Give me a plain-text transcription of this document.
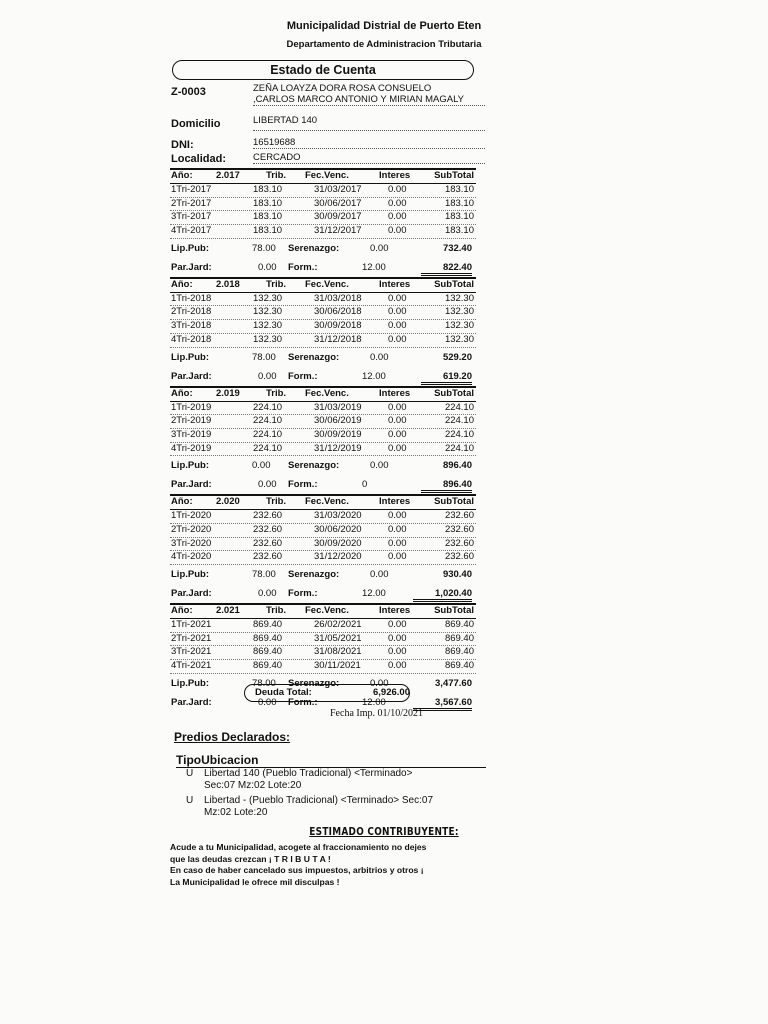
Municipalidad Distrial de Puerto Eten
Departamento de Administracion Tributaria
Estado de Cuenta
Z-0003	ZEÑA LOAYZA DORA ROSA CONSUELO
,CARLOS MARCO ANTONIO Y MIRIAN MAGALY
Domicilio	LIBERTAD 140
DNI:	16519688
Localidad:	CERCADO
Año: 2.017	Trib. Fec.Venc.	Interes	SubTotal
1Tri-2017	183.10	31/03/2017	0.00	183.10
2Tri-2017	183.10	30/06/2017	0.00	183.10
3Tri-2017	183.10	30/09/2017	0.00	183.10
4Tri-2017	183.10	31/12/2017	0.00	183.10
Lip.Pub:	78.00 Serenazgo:	0.00	732.40
Par.Jard:	0.00 Form.:	12.00	822.40
Año: 2.018	Trib. Fec.Venc.	Interes	SubTotal
1Tri-2018	132.30	31/03/2018	0.00	132.30
2Tri-2018	132.30	30/06/2018	0.00	132.30
3Tri-2018	132.30	30/09/2018	0.00	132.30
4Tri-2018	132.30	31/12/2018	0.00	132.30
Lip.Pub:	78.00 Serenazgo:	0.00	529.20
Par.Jard:	0.00 Form.:	12.00	619.20
Año: 2.019	Trib. Fec.Venc.	Interes	SubTotal
1Tri-2019	224.10	31/03/2019	0.00	224.10
2Tri-2019	224.10	30/06/2019	0.00	224.10
3Tri-2019	224.10	30/09/2019	0.00	224.10
4Tri-2019	224.10	31/12/2019	0.00	224.10
Lip.Pub:	0.00 Serenazgo:	0.00	896.40
Par.Jard:	0.00 Form.:	0	896.40
Año: 2.020	Trib. Fec.Venc.	Interes	SubTotal
1Tri-2020	232.60	31/03/2020	0.00	232.60
2Tri-2020	232.60	30/06/2020	0.00	232.60
3Tri-2020	232.60	30/09/2020	0.00	232.60
4Tri-2020	232.60	31/12/2020	0.00	232.60
Lip.Pub:	78.00 Serenazgo:	0.00	930.40
Par.Jard:	0.00 Form.:	12.00	1,020.40
Año: 2.021	Trib. Fec.Venc.	Interes	SubTotal
1Tri-2021	869.40	26/02/2021	0.00	869.40
2Tri-2021	869.40	31/05/2021	0.00	869.40
3Tri-2021	869.40	31/08/2021	0.00	869.40
4Tri-2021	869.40	30/11/2021	0.00	869.40
Lip.Pub:	78.00 Serenazgo:	0.00	3,477.60
Par.Jard:	0.00 Form.:	12.00	3,567.60
Deuda Total:	6,926.00
Fecha Imp. 01/10/2021
Predios Declarados:
TipoUbicacion
U Libertad 140 (Pueblo Tradicional) <Terminado>
Sec:07 Mz:02 Lote:20
U Libertad - (Pueblo Tradicional) <Terminado> Sec:07
Mz:02 Lote:20
ESTIMADO CONTRIBUYENTE:
Acude a tu Municipalidad, acogete al fraccionamiento no dejes
que las deudas crezcan ¡ T R I B U T A !
En caso de haber cancelado sus impuestos, arbitrios y otros ¡
La Municipalidad le ofrece mil disculpas !
